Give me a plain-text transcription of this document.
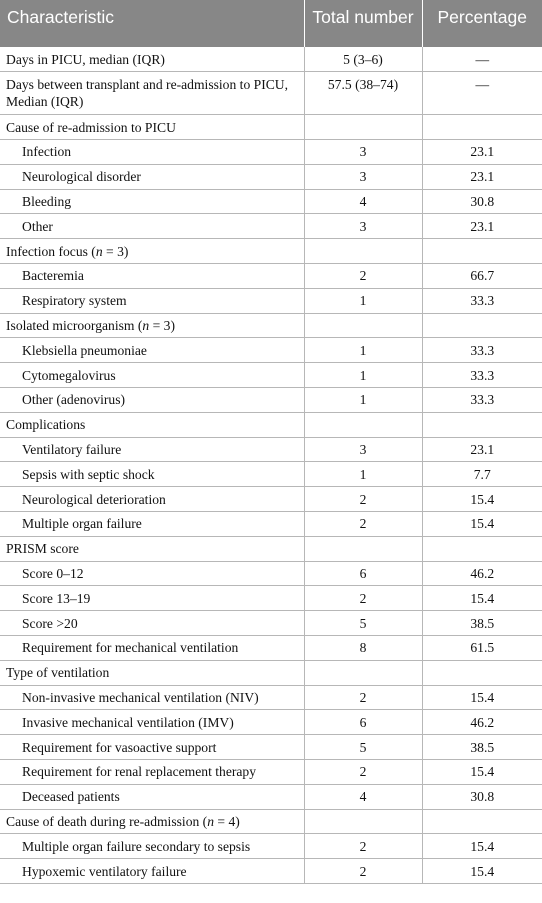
Characteristic	Total number	Percentage
Days in PICU, median (IQR)	5 (3–6)	—
Days between transplant and re-admission to PICU, Median (IQR)	57.5 (38–74)	—
Cause of re-admission to PICU		
Infection	3	23.1
Neurological disorder	3	23.1
Bleeding	4	30.8
Other	3	23.1
Infection focus (n = 3)		
Bacteremia	2	66.7
Respiratory system	1	33.3
Isolated microorganism (n = 3)		
Klebsiella pneumoniae	1	33.3
Cytomegalovirus	1	33.3
Other (adenovirus)	1	33.3
Complications		
Ventilatory failure	3	23.1
Sepsis with septic shock	1	7.7
Neurological deterioration	2	15.4
Multiple organ failure	2	15.4
PRISM score		
Score 0–12	6	46.2
Score 13–19	2	15.4
Score >20	5	38.5
Requirement for mechanical ventilation	8	61.5
Type of ventilation		
Non-invasive mechanical ventilation (NIV)	2	15.4
Invasive mechanical ventilation (IMV)	6	46.2
Requirement for vasoactive support	5	38.5
Requirement for renal replacement therapy	2	15.4
Deceased patients	4	30.8
Cause of death during re-admission (n = 4)		
Multiple organ failure secondary to sepsis	2	15.4
Hypoxemic ventilatory failure	2	15.4
